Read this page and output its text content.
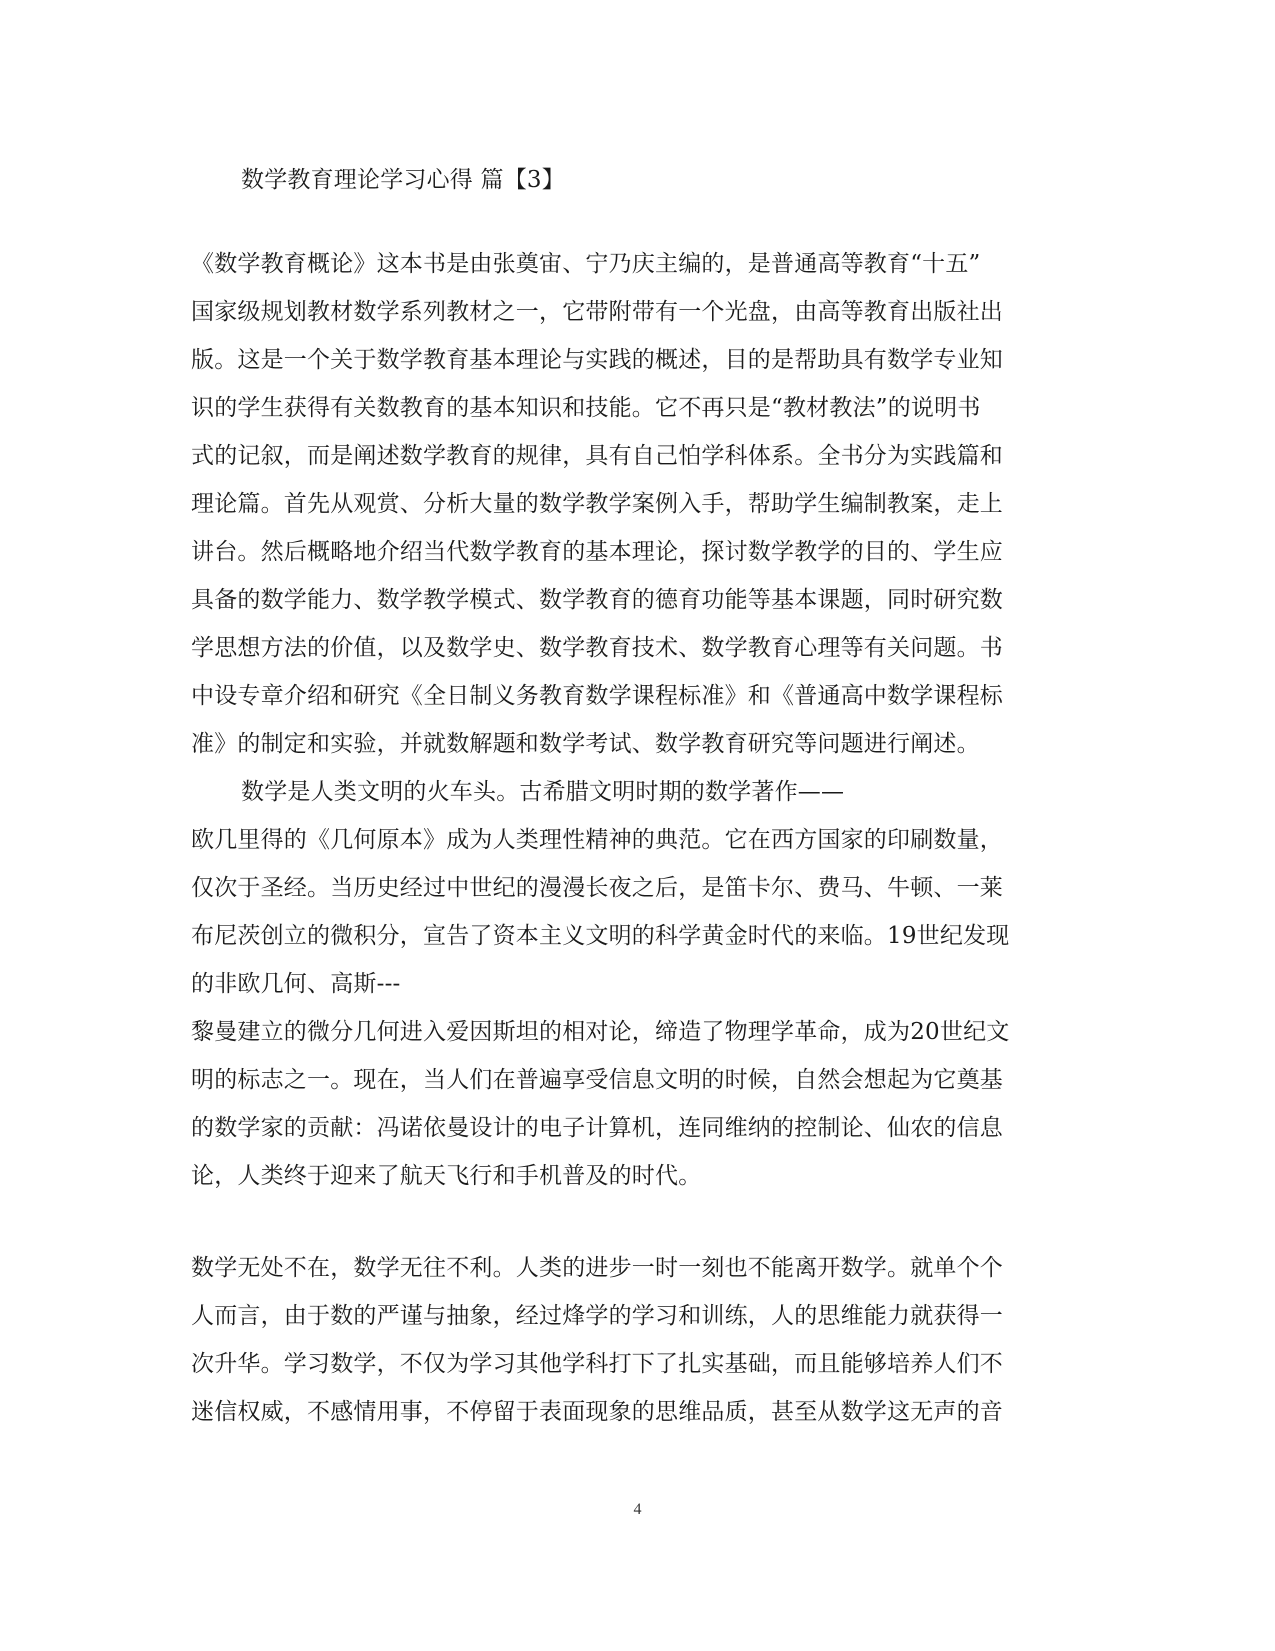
数学教育理论学习心得 篇【3】
《数学教育概论》这本书是由张奠宙、宁乃庆主编的，是普通高等教育“十五”
国家级规划教材数学系列教材之一，它带附带有一个光盘，由高等教育出版社出
版。这是一个关于数学教育基本理论与实践的概述，目的是帮助具有数学专业知
识的学生获得有关数教育的基本知识和技能。它不再只是“教材教法”的说明书
式的记叙，而是阐述数学教育的规律，具有自己怕学科体系。全书分为实践篇和
理论篇。首先从观赏、分析大量的数学教学案例入手，帮助学生编制教案，走上
讲台。然后概略地介绍当代数学教育的基本理论，探讨数学教学的目的、学生应
具备的数学能力、数学教学模式、数学教育的德育功能等基本课题，同时研究数
学思想方法的价值，以及数学史、数学教育技术、数学教育心理等有关问题。书
中设专章介绍和研究《全日制义务教育数学课程标准》和《普通高中数学课程标
准》的制定和实验，并就数解题和数学考试、数学教育研究等问题进行阐述。
数学是人类文明的火车头。古希腊文明时期的数学著作——
欧几里得的《几何原本》成为人类理性精神的典范。它在西方国家的印刷数量，
仅次于圣经。当历史经过中世纪的漫漫长夜之后，是笛卡尔、费马、牛顿、一莱
布尼茨创立的微积分，宣告了资本主义文明的科学黄金时代的来临。19世纪发现
的非欧几何、高斯---
黎曼建立的微分几何进入爱因斯坦的相对论，缔造了物理学革命，成为20世纪文
明的标志之一。现在，当人们在普遍享受信息文明的时候，自然会想起为它奠基
的数学家的贡献：冯诺依曼设计的电子计算机，连同维纳的控制论、仙农的信息
论，人类终于迎来了航天飞行和手机普及的时代。
数学无处不在，数学无往不利。人类的进步一时一刻也不能离开数学。就单个个
人而言，由于数的严谨与抽象，经过烽学的学习和训练，人的思维能力就获得一
次升华。学习数学，不仅为学习其他学科打下了扎实基础，而且能够培养人们不
迷信权威，不感情用事，不停留于表面现象的思维品质，甚至从数学这无声的音
4
